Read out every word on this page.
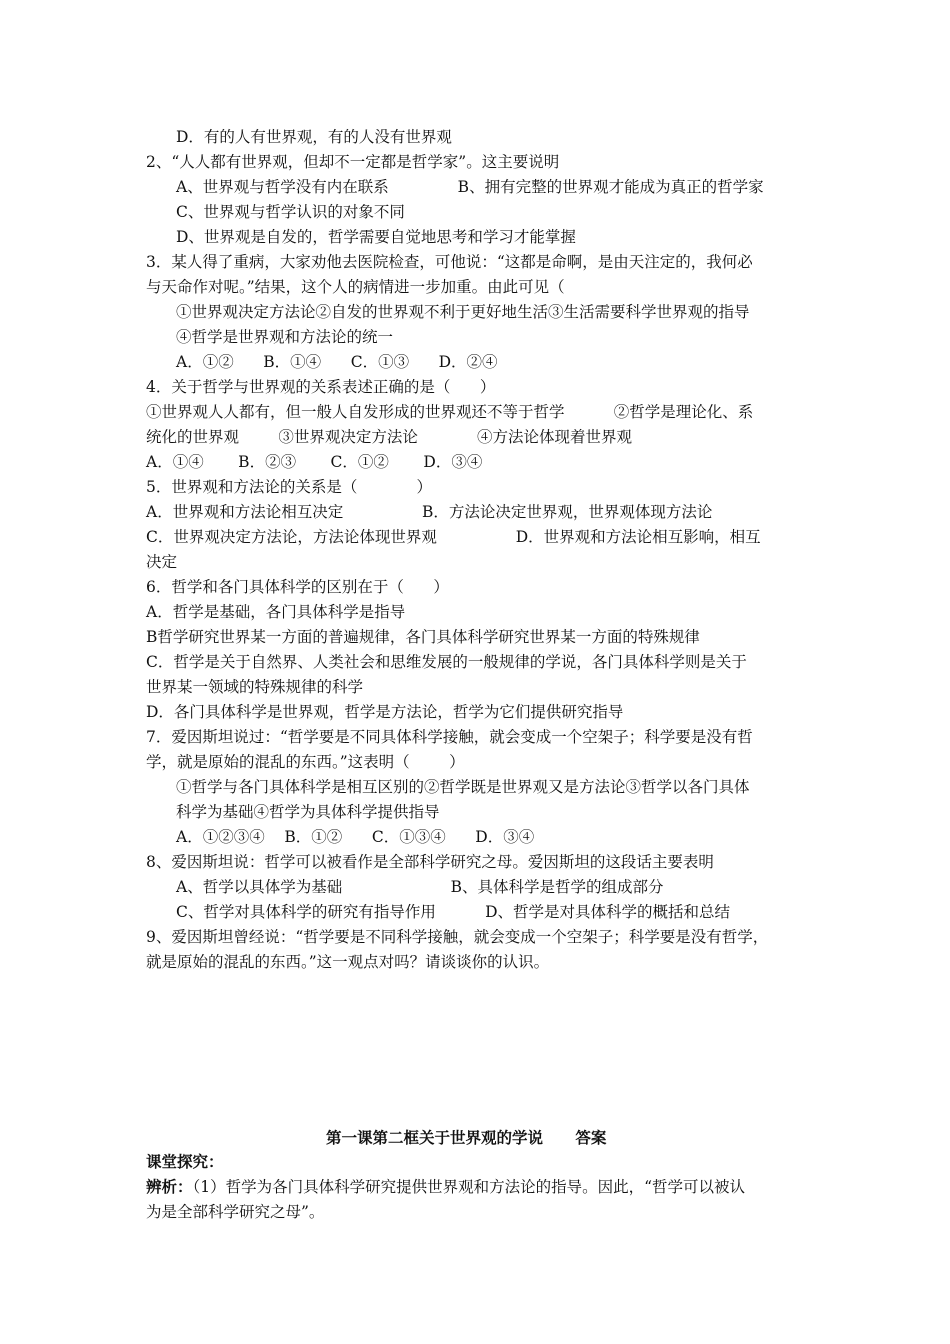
D．有的人有世界观，有的人没有世界观
2、“人人都有世界观，但却不一定都是哲学家”。这主要说明
A、世界观与哲学没有内在联系              B、拥有完整的世界观才能成为真正的哲学家
C、世界观与哲学认识的对象不同
D、世界观是自发的，哲学需要自觉地思考和学习才能掌握
3．某人得了重病，大家劝他去医院检查，可他说：“这都是命啊，是由天注定的，我何必
与天命作对呢。”结果，这个人的病情进一步加重。由此可见（
①世界观决定方法论②自发的世界观不利于更好地生活③生活需要科学世界观的指导
④哲学是世界观和方法论的统一
A．①②      B．①④      C．①③      D．②④
4．关于哲学与世界观的关系表述正确的是（      ）
①世界观人人都有，但一般人自发形成的世界观还不等于哲学          ②哲学是理论化、系
统化的世界观        ③世界观决定方法论            ④方法论体现着世界观
A．①④       B．②③       C．①②       D．③④
5．世界观和方法论的关系是（            ）
A．世界观和方法论相互决定                B．方法论决定世界观，世界观体现方法论
C．世界观决定方法论，方法论体现世界观                D．世界观和方法论相互影响，相互
决定
6．哲学和各门具体科学的区别在于（      ）
A．哲学是基础，各门具体科学是指导
B哲学研究世界某一方面的普遍规律，各门具体科学研究世界某一方面的特殊规律
C．哲学是关于自然界、人类社会和思维发展的一般规律的学说，各门具体科学则是关于
世界某一领域的特殊规律的科学
D．各门具体科学是世界观，哲学是方法论，哲学为它们提供研究指导
7．爱因斯坦说过：“哲学要是不同具体科学接触，就会变成一个空架子；科学要是没有哲
学，就是原始的混乱的东西。”这表明（        ）
①哲学与各门具体科学是相互区别的②哲学既是世界观又是方法论③哲学以各门具体
科学为基础④哲学为具体科学提供指导
A．①②③④    B．①②      C．①③④      D．③④
8、爱因斯坦说：哲学可以被看作是全部科学研究之母。爱因斯坦的这段话主要表明
A、哲学以具体学为基础                      B、具体科学是哲学的组成部分
C、哲学对具体科学的研究有指导作用          D、哲学是对具体科学的概括和总结
9、爱因斯坦曾经说：“哲学要是不同科学接触，就会变成一个空架子；科学要是没有哲学，
就是原始的混乱的东西。”这一观点对吗？请谈谈你的认识。
第一课第二框关于世界观的学说      答案
课堂探究：
辨析：（1）哲学为各门具体科学研究提供世界观和方法论的指导。因此，“哲学可以被认
为是全部科学研究之母”。
